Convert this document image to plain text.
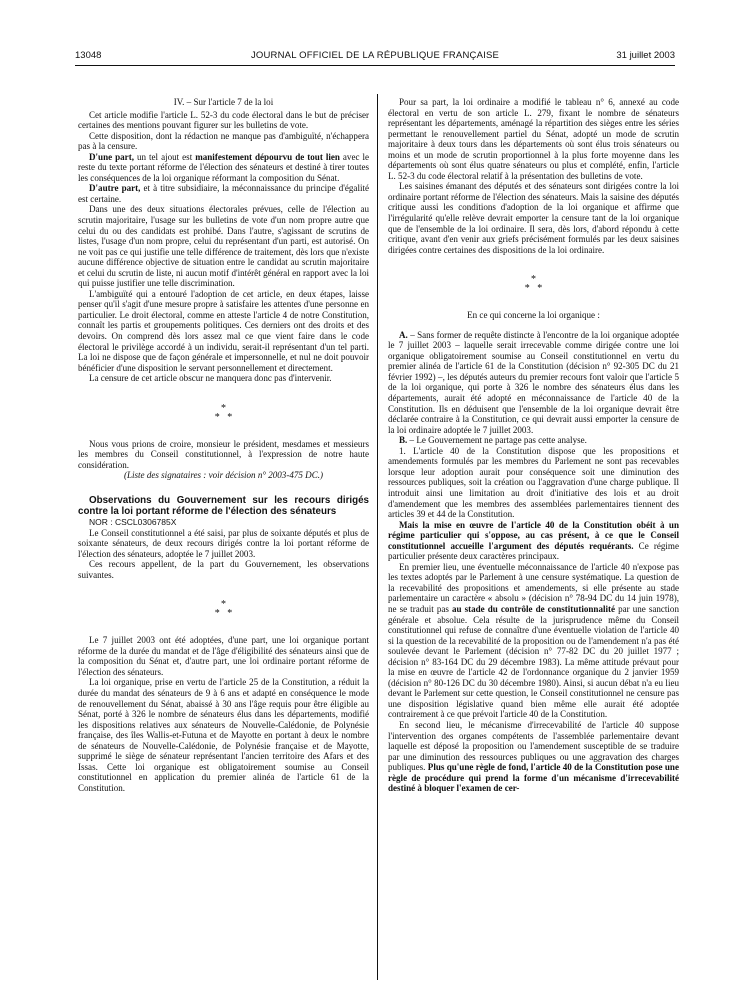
13048	JOURNAL OFFICIEL DE LA RÉPUBLIQUE FRANÇAISE	31 juillet 2003

IV. – Sur l'article 7 de la loi

Cet article modifie l'article L. 52-3 du code électoral dans le but de préciser certaines des mentions pouvant figurer sur les bulletins de vote.

Cette disposition, dont la rédaction ne manque pas d'ambiguïté, n'échappera pas à la censure.

D'une part, un tel ajout est manifestement dépourvu de tout lien avec le reste du texte portant réforme de l'élection des sénateurs et destiné à tirer toutes les conséquences de la loi organique réformant la composition du Sénat.

D'autre part, et à titre subsidiaire, la méconnaissance du principe d'égalité est certaine.

Dans une des deux situations électorales prévues, celle de l'élection au scrutin majoritaire, l'usage sur les bulletins de vote d'un nom propre autre que celui du ou des candidats est prohibé. Dans l'autre, s'agissant de scrutins de listes, l'usage d'un nom propre, celui du représentant d'un parti, est autorisé. On ne voit pas ce qui justifie une telle différence de traitement, dès lors que n'existe aucune différence objective de situation entre le candidat au scrutin majoritaire et celui du scrutin de liste, ni aucun motif d'intérêt général en rapport avec la loi qui puisse justifier une telle discrimination.

L'ambiguïté qui a entouré l'adoption de cet article, en deux étapes, laisse penser qu'il s'agit d'une mesure propre à satisfaire les attentes d'une personne en particulier. Le droit électoral, comme en atteste l'article 4 de notre Constitution, connaît les partis et groupements politiques. Ces derniers ont des droits et des devoirs. On comprend dès lors assez mal ce que vient faire dans le code électoral le privilège accordé à un individu, serait-il représentant d'un tel parti. La loi ne dispose que de façon générale et impersonnelle, et nul ne doit pouvoir bénéficier d'une disposition le servant personnellement et directement.

La censure de cet article obscur ne manquera donc pas d'intervenir.

*
* *

Nous vous prions de croire, monsieur le président, mesdames et messieurs les membres du Conseil constitutionnel, à l'expression de notre haute considération.

(Liste des signataires : voir décision n° 2003-475 DC.)

Observations du Gouvernement sur les recours dirigés contre la loi portant réforme de l'élection des sénateurs

NOR : CSCL0306785X

Le Conseil constitutionnel a été saisi, par plus de soixante députés et plus de soixante sénateurs, de deux recours dirigés contre la loi portant réforme de l'élection des sénateurs, adoptée le 7 juillet 2003.

Ces recours appellent, de la part du Gouvernement, les observations suivantes.

*
* *

Le 7 juillet 2003 ont été adoptées, d'une part, une loi organique portant réforme de la durée du mandat et de l'âge d'éligibilité des sénateurs ainsi que de la composition du Sénat et, d'autre part, une loi ordinaire portant réforme de l'élection des sénateurs.

La loi organique, prise en vertu de l'article 25 de la Constitution, a réduit la durée du mandat des sénateurs de 9 à 6 ans et adapté en conséquence le mode de renouvellement du Sénat, abaissé à 30 ans l'âge requis pour être éligible au Sénat, porté à 326 le nombre de sénateurs élus dans les départements, modifié les dispositions relatives aux sénateurs de Nouvelle-Calédonie, de Polynésie française, des îles Wallis-et-Futuna et de Mayotte en portant à deux le nombre de sénateurs de Nouvelle-Calédonie, de Polynésie française et de Mayotte, supprimé le siège de sénateur représentant l'ancien territoire des Afars et des Issas. Cette loi organique est obligatoirement soumise au Conseil constitutionnel en application du premier alinéa de l'article 61 de la Constitution.

Pour sa part, la loi ordinaire a modifié le tableau n° 6, annexé au code électoral en vertu de son article L. 279, fixant le nombre de sénateurs représentant les départements, aménagé la répartition des sièges entre les séries permettant le renouvellement partiel du Sénat, adopté un mode de scrutin majoritaire à deux tours dans les départements où sont élus trois sénateurs ou moins et un mode de scrutin proportionnel à la plus forte moyenne dans les départements où sont élus quatre sénateurs ou plus et complété, enfin, l'article L. 52-3 du code électoral relatif à la présentation des bulletins de vote.

Les saisines émanant des députés et des sénateurs sont dirigées contre la loi ordinaire portant réforme de l'élection des sénateurs. Mais la saisine des députés critique aussi les conditions d'adoption de la loi organique et affirme que l'irrégularité qu'elle relève devrait emporter la censure tant de la loi organique que de l'ensemble de la loi ordinaire. Il sera, dès lors, d'abord répondu à cette critique, avant d'en venir aux griefs précisément formulés par les deux saisines dirigées contre certaines des dispositions de la loi ordinaire.

*
* *

En ce qui concerne la loi organique :

A. – Sans former de requête distincte à l'encontre de la loi organique adoptée le 7 juillet 2003 – laquelle serait irrecevable comme dirigée contre une loi organique obligatoirement soumise au Conseil constitutionnel en vertu du premier alinéa de l'article 61 de la Constitution (décision n° 92-305 DC du 21 février 1992) –, les députés auteurs du premier recours font valoir que l'article 5 de la loi organique, qui porte à 326 le nombre des sénateurs élus dans les départements, aurait été adopté en méconnaissance de l'article 40 de la Constitution. Ils en déduisent que l'ensemble de la loi organique devrait être déclarée contraire à la Constitution, ce qui devrait aussi emporter la censure de la loi ordinaire adoptée le 7 juillet 2003.

B. – Le Gouvernement ne partage pas cette analyse.

1. L'article 40 de la Constitution dispose que les propositions et amendements formulés par les membres du Parlement ne sont pas recevables lorsque leur adoption aurait pour conséquence soit une diminution des ressources publiques, soit la création ou l'aggravation d'une charge publique. Il introduit ainsi une limitation au droit d'initiative des lois et au droit d'amendement que les membres des assemblées parlementaires tiennent des articles 39 et 44 de la Constitution.

Mais la mise en œuvre de l'article 40 de la Constitution obéit à un régime particulier qui s'oppose, au cas présent, à ce que le Conseil constitutionnel accueille l'argument des députés requérants. Ce régime particulier présente deux caractères principaux.

En premier lieu, une éventuelle méconnaissance de l'article 40 n'expose pas les textes adoptés par le Parlement à une censure systématique. La question de la recevabilité des propositions et amendements, si elle présente au stade parlementaire un caractère « absolu » (décision n° 78-94 DC du 14 juin 1978), ne se traduit pas au stade du contrôle de constitutionnalité par une sanction générale et absolue. Cela résulte de la jurisprudence même du Conseil constitutionnel qui refuse de connaître d'une éventuelle violation de l'article 40 si la question de la recevabilité de la proposition ou de l'amendement n'a pas été soulevée devant le Parlement (décision n° 77-82 DC du 20 juillet 1977 ; décision n° 83-164 DC du 29 décembre 1983). La même attitude prévaut pour la mise en œuvre de l'article 42 de l'ordonnance organique du 2 janvier 1959 (décision n° 80-126 DC du 30 décembre 1980). Ainsi, si aucun débat n'a eu lieu devant le Parlement sur cette question, le Conseil constitutionnel ne censure pas une disposition législative quand bien même elle aurait été adoptée contrairement à ce que prévoit l'article 40 de la Constitution.

En second lieu, le mécanisme d'irrecevabilité de l'article 40 suppose l'intervention des organes compétents de l'assemblée parlementaire devant laquelle est déposé la proposition ou l'amendement susceptible de se traduire par une diminution des ressources publiques ou une aggravation des charges publiques. Plus qu'une règle de fond, l'article 40 de la Constitution pose une règle de procédure qui prend la forme d'un mécanisme d'irrecevabilité destiné à bloquer l'examen de cer-
